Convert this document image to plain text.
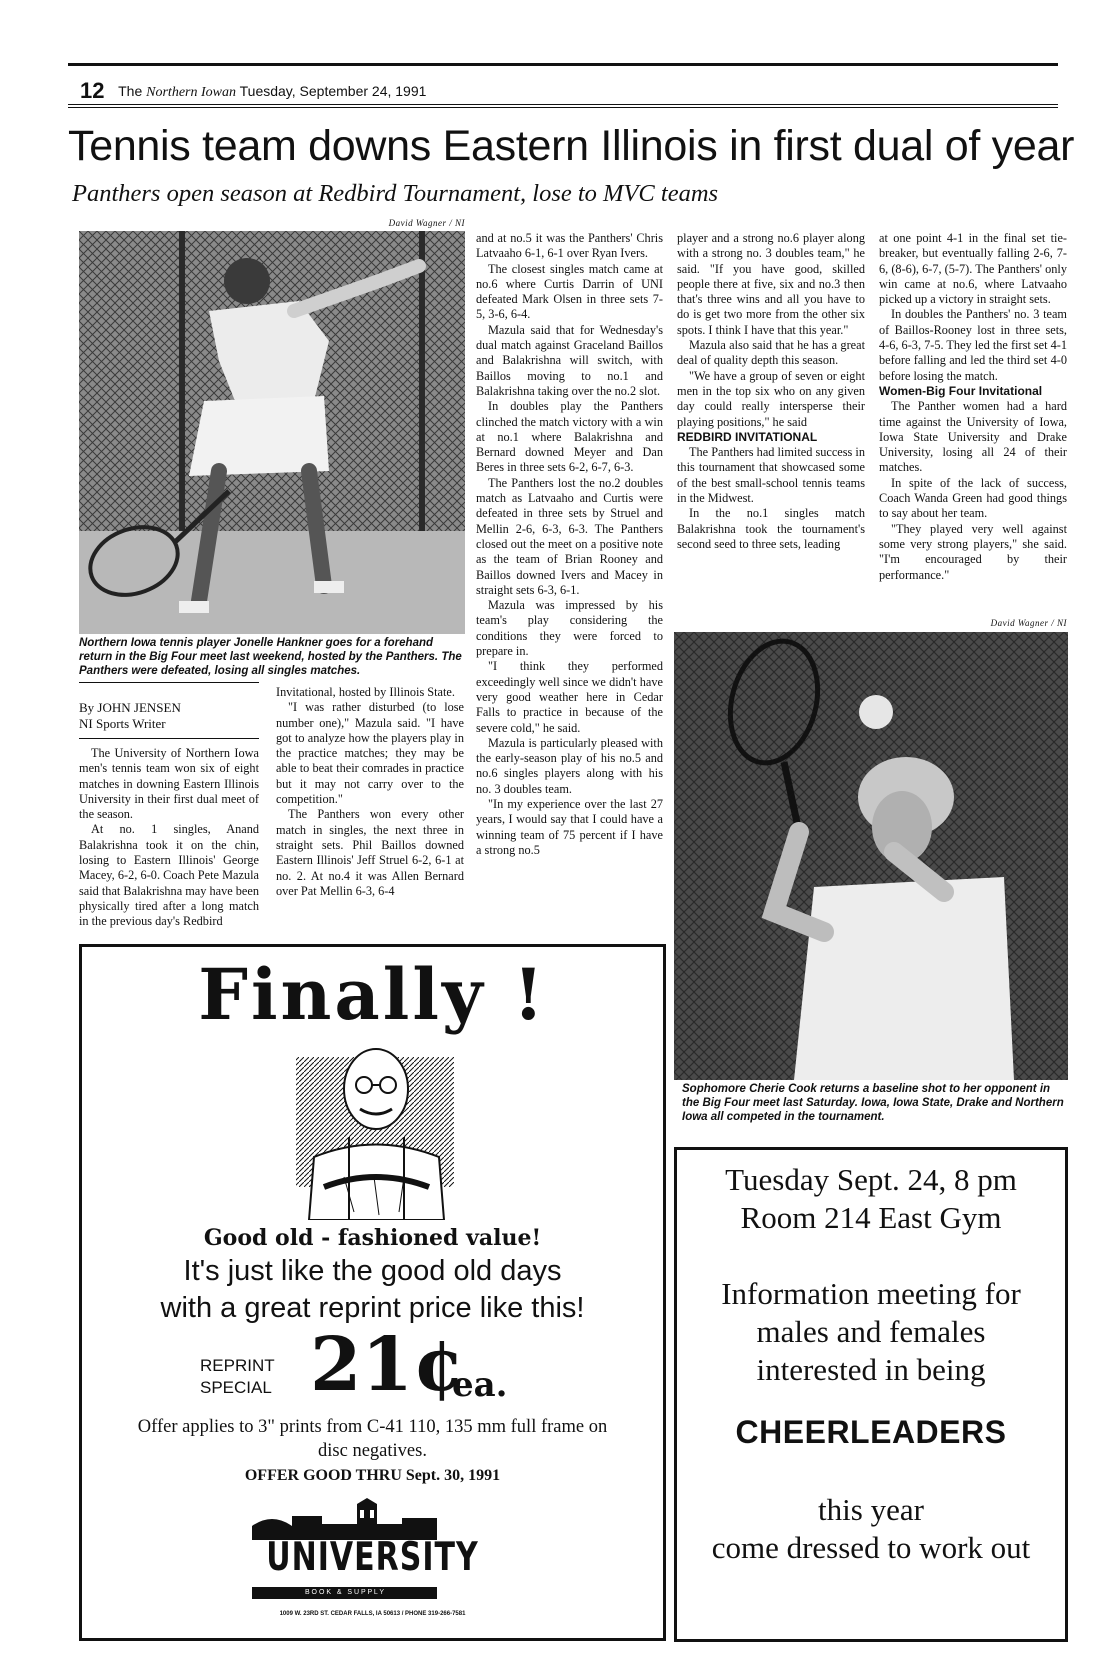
12 The Northern Iowan Tuesday, September 24, 1991
Tennis team downs Eastern Illinois in first dual of year
Panthers open season at Redbird Tournament, lose to MVC teams
David Wagner / NI
Northern Iowa tennis player Jonelle Hankner goes for a forehand return in the Big Four meet last weekend, hosted by the Panthers. The Panthers were defeated, losing all singles matches.
By JOHN JENSEN
NI Sports Writer

The University of Northern Iowa men's tennis team won six of eight matches in downing Eastern Illinois University in their first dual meet of the season.

At no. 1 singles, Anand Balakrishna took it on the chin, losing to Eastern Illinois' George Macey, 6-2, 6-0. Coach Pete Mazula said that Balakrishna may have been physically tired after a long match in the previous day's Redbird

Invitational, hosted by Illinois State.

"I was rather disturbed (to lose number one)," Mazula said. "I have got to analyze how the players play in the practice matches; they may be able to beat their comrades in practice but it may not carry over to the competition."

The Panthers won every other match in singles, the next three in straight sets. Phil Baillos downed Eastern Illinois' Jeff Struel 6-2, 6-1 at no. 2. At no.4 it was Allen Bernard over Pat Mellin 6-3, 6-4

and at no.5 it was the Panthers' Chris Latvaaho 6-1, 6-1 over Ryan Ivers.

The closest singles match came at no.6 where Curtis Darrin of UNI defeated Mark Olsen in three sets 7-5, 3-6, 6-4.

Mazula said that for Wednesday's dual match against Graceland Baillos and Balakrishna will switch, with Baillos moving to no.1 and Balakrishna taking over the no.2 slot.

In doubles play the Panthers clinched the match victory with a win at no.1 where Balakrishna and Bernard downed Meyer and Dan Beres in three sets 6-2, 6-7, 6-3.

The Panthers lost the no.2 doubles match as Latvaaho and Curtis were defeated in three sets by Struel and Mellin 2-6, 6-3, 6-3. The Panthers closed out the meet on a positive note as the team of Brian Rooney and Baillos downed Ivers and Macey in straight sets 6-3, 6-1.

Mazula was impressed by his team's play considering the conditions they were forced to prepare in.

"I think they performed exceedingly well since we didn't have very good weather here in Cedar Falls to practice in because of the severe cold," he said.

Mazula is particularly pleased with the early-season play of his no.5 and no.6 singles players along with his no. 3 doubles team.

"In my experience over the last 27 years, I would say that I could have a winning team of 75 percent if I have a strong no.5

player and a strong no.6 player along with a strong no. 3 doubles team," he said. "If you have good, skilled people there at five, six and no.3 then that's three wins and all you have to do is get two more from the other six spots. I think I have that this year."

Mazula also said that he has a great deal of quality depth this season.

"We have a group of seven or eight men in the top six who on any given day could really intersperse their playing positions," he said

REDBIRD INVITATIONAL

The Panthers had limited success in this tournament that showcased some of the best small-school tennis teams in the Midwest.

In the no.1 singles match Balakrishna took the tournament's second seed to three sets, leading

at one point 4-1 in the final set tie-breaker, but eventually falling 2-6, 7-6, (8-6), 6-7, (5-7). The Panthers' only win came at no.6, where Latvaaho picked up a victory in straight sets.

In doubles the Panthers' no. 3 team of Baillos-Rooney lost in three sets, 4-6, 6-3, 7-5. They led the first set 4-1 before falling and led the third set 4-0 before losing the match.

Women-Big Four Invitational

The Panther women had a hard time against the University of Iowa, Iowa State University and Drake University, losing all 24 of their matches.

In spite of the lack of success, Coach Wanda Green had good things to say about her team.

"They played very well against some very strong players," she said. "I'm encouraged by their performance."

David Wagner / NI
Sophomore Cherie Cook returns a baseline shot to her opponent in the Big Four meet last Saturday. Iowa, Iowa State, Drake and Northern Iowa all competed in the tournament.
Finally !
Good old - fashioned value!
It's just like the good old days
with a great reprint price like this!
REPRINT
SPECIAL 21¢
ea.
Offer applies to 3" prints from C-41 110, 135 mm full frame on
disc negatives.
OFFER GOOD THRU Sept. 30, 1991
UNIVERSITY
B O O K   &   S U P P L Y
1009 W. 23RD ST. CEDAR FALLS, IA 50613 / PHONE 319-266-7581
Tuesday Sept. 24, 8 pm
Room 214 East Gym
Information meeting for
males and females
interested in being
CHEERLEADERS
this year
come dressed to work out
